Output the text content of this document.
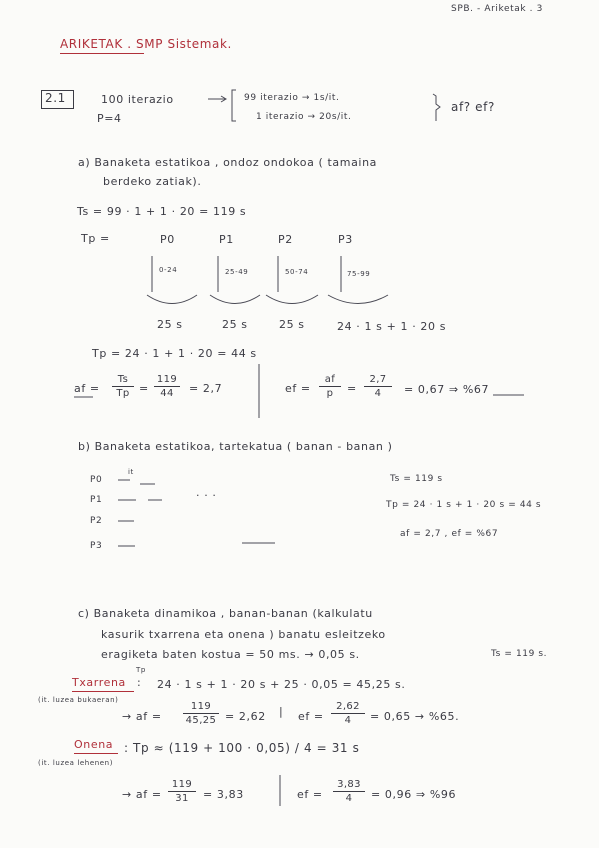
SPB. - Ariketak . 3
ARIKETAK . SMP Sistemak.
2.1	100 iterazio
P=4
99 iterazio → 1s/it.
1 iterazio → 20s/it.
af? ef?
a) Banaketa estatikoa , ondoz ondokoa ( tamaina
berdeko zatiak).
Ts = 99 · 1 + 1 · 20 = 119 s
Tp =	P0	P1	P2	P3
0-24	25-49	50-74	75-99
25 s	25 s	25 s	24 · 1 s + 1 · 20 s
Tp = 24 · 1 + 1 · 20 = 44 s
af =
Ts
Tp =
119
44	= 2,7	ef =
af
p	=
2,7
4	= 0,67 ⇒ %67
b) Banaketa estatikoa, tartekatua ( banan - banan )
it
P0
P1
P2
P3
· · ·
Ts = 119 s
Tp = 24 · 1 s + 1 · 20 s = 44 s
af = 2,7 , ef = %67
c) Banaketa dinamikoa , banan-banan (kalkulatu
kasurik txarrena eta onena ) banatu esleitzeko
eragiketa baten kostua = 50 ms. → 0,05 s.	Ts = 119 s.
Tp
Txarrena :
(it. luzea bukaeran)
24 · 1 s + 1 · 20 s + 25 · 0,05 = 45,25 s.
→ af =
119
45,25 = 2,62 | ef =
2,62
4	= 0,65 → %65.
Onena
(it. luzea lehenen)
: Tp ≈ (119 + 100 · 0,05) / 4 = 31 s
→ af =
119
31	= 3,83	ef =
3,83
4	= 0,96 ⇒ %96
